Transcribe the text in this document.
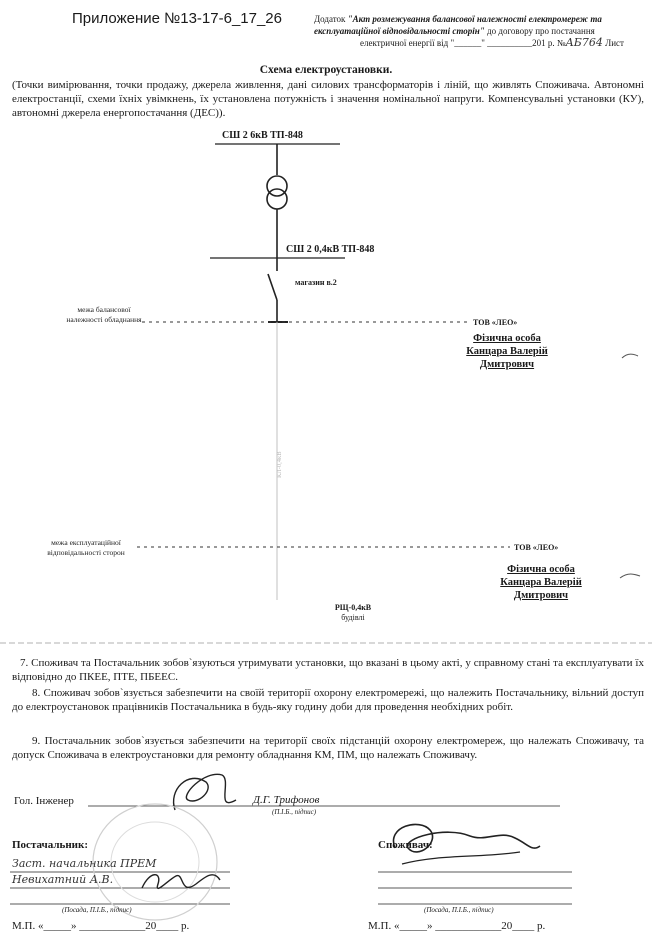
Приложение №13-17-6_17_26	Додаток "Акт розмежування балансової належності електромереж та експлуатаційної відповідальності сторін" до договору про постачання
електричної енергії від "______" __________201 р. №АБ764 Лист
Схема електроустановки.
(Точки вимірювання, точки продажу, джерела живлення, дані силових трансформаторів і ліній, що живлять Споживача. Автономні електростанції, схеми їхніх увімкнень, їх установлена потужність і значення номінальної напруги. Компенсувальні установки (КУ), автономні джерела енергопостачання (ДЕС)).
СШ 2 6кВ ТП-848
СШ 2 0,4кВ ТП-848
магазин в.2
КЛ-0,4кВ
межа балансової
належності обладнання
межа експлуатаційної
відповідальності сторон
ТОВ «ЛЕО»
Фізична особа
Канцара Валерій
Дмитрович
ТОВ «ЛЕО»
Фізична особа
Канцара Валерій
Дмитрович
РЩ-0,4кВ
будівлі
7. Споживач та Постачальник зобов`язуються утримувати установки, що вказані в цьому акті, у справному стані та експлуатувати їх відповідно до ПКЕЕ, ПТЕ, ПБЕЕС.
8. Споживач зобов`язується забезпечити на своїй території охорону електромережі, що належить Постачальнику, вільний доступ до електроустановок працівників Постачальника в будь-яку годину доби для проведення необхідних робіт.
9. Постачальник зобов`язується забезпечити на території своїх підстанцій охорону електромереж, що належать Споживачу, та допуск Споживача в електроустановки для ремонту обладнання КМ, ПМ, що належать Споживачу.
Гол. Інженер	Д.Г. Трифонов
(П.І.Б., підпис)
Постачальник:
Заст. начальника ПРЕМ
Невихатний А.В.
(Посада, П.І.Б., підпис)
Споживач:
(Посада, П.І.Б., підпис)
М.П. «_____» ____________20____ р.	М.П. «_____» ____________20____ р.
